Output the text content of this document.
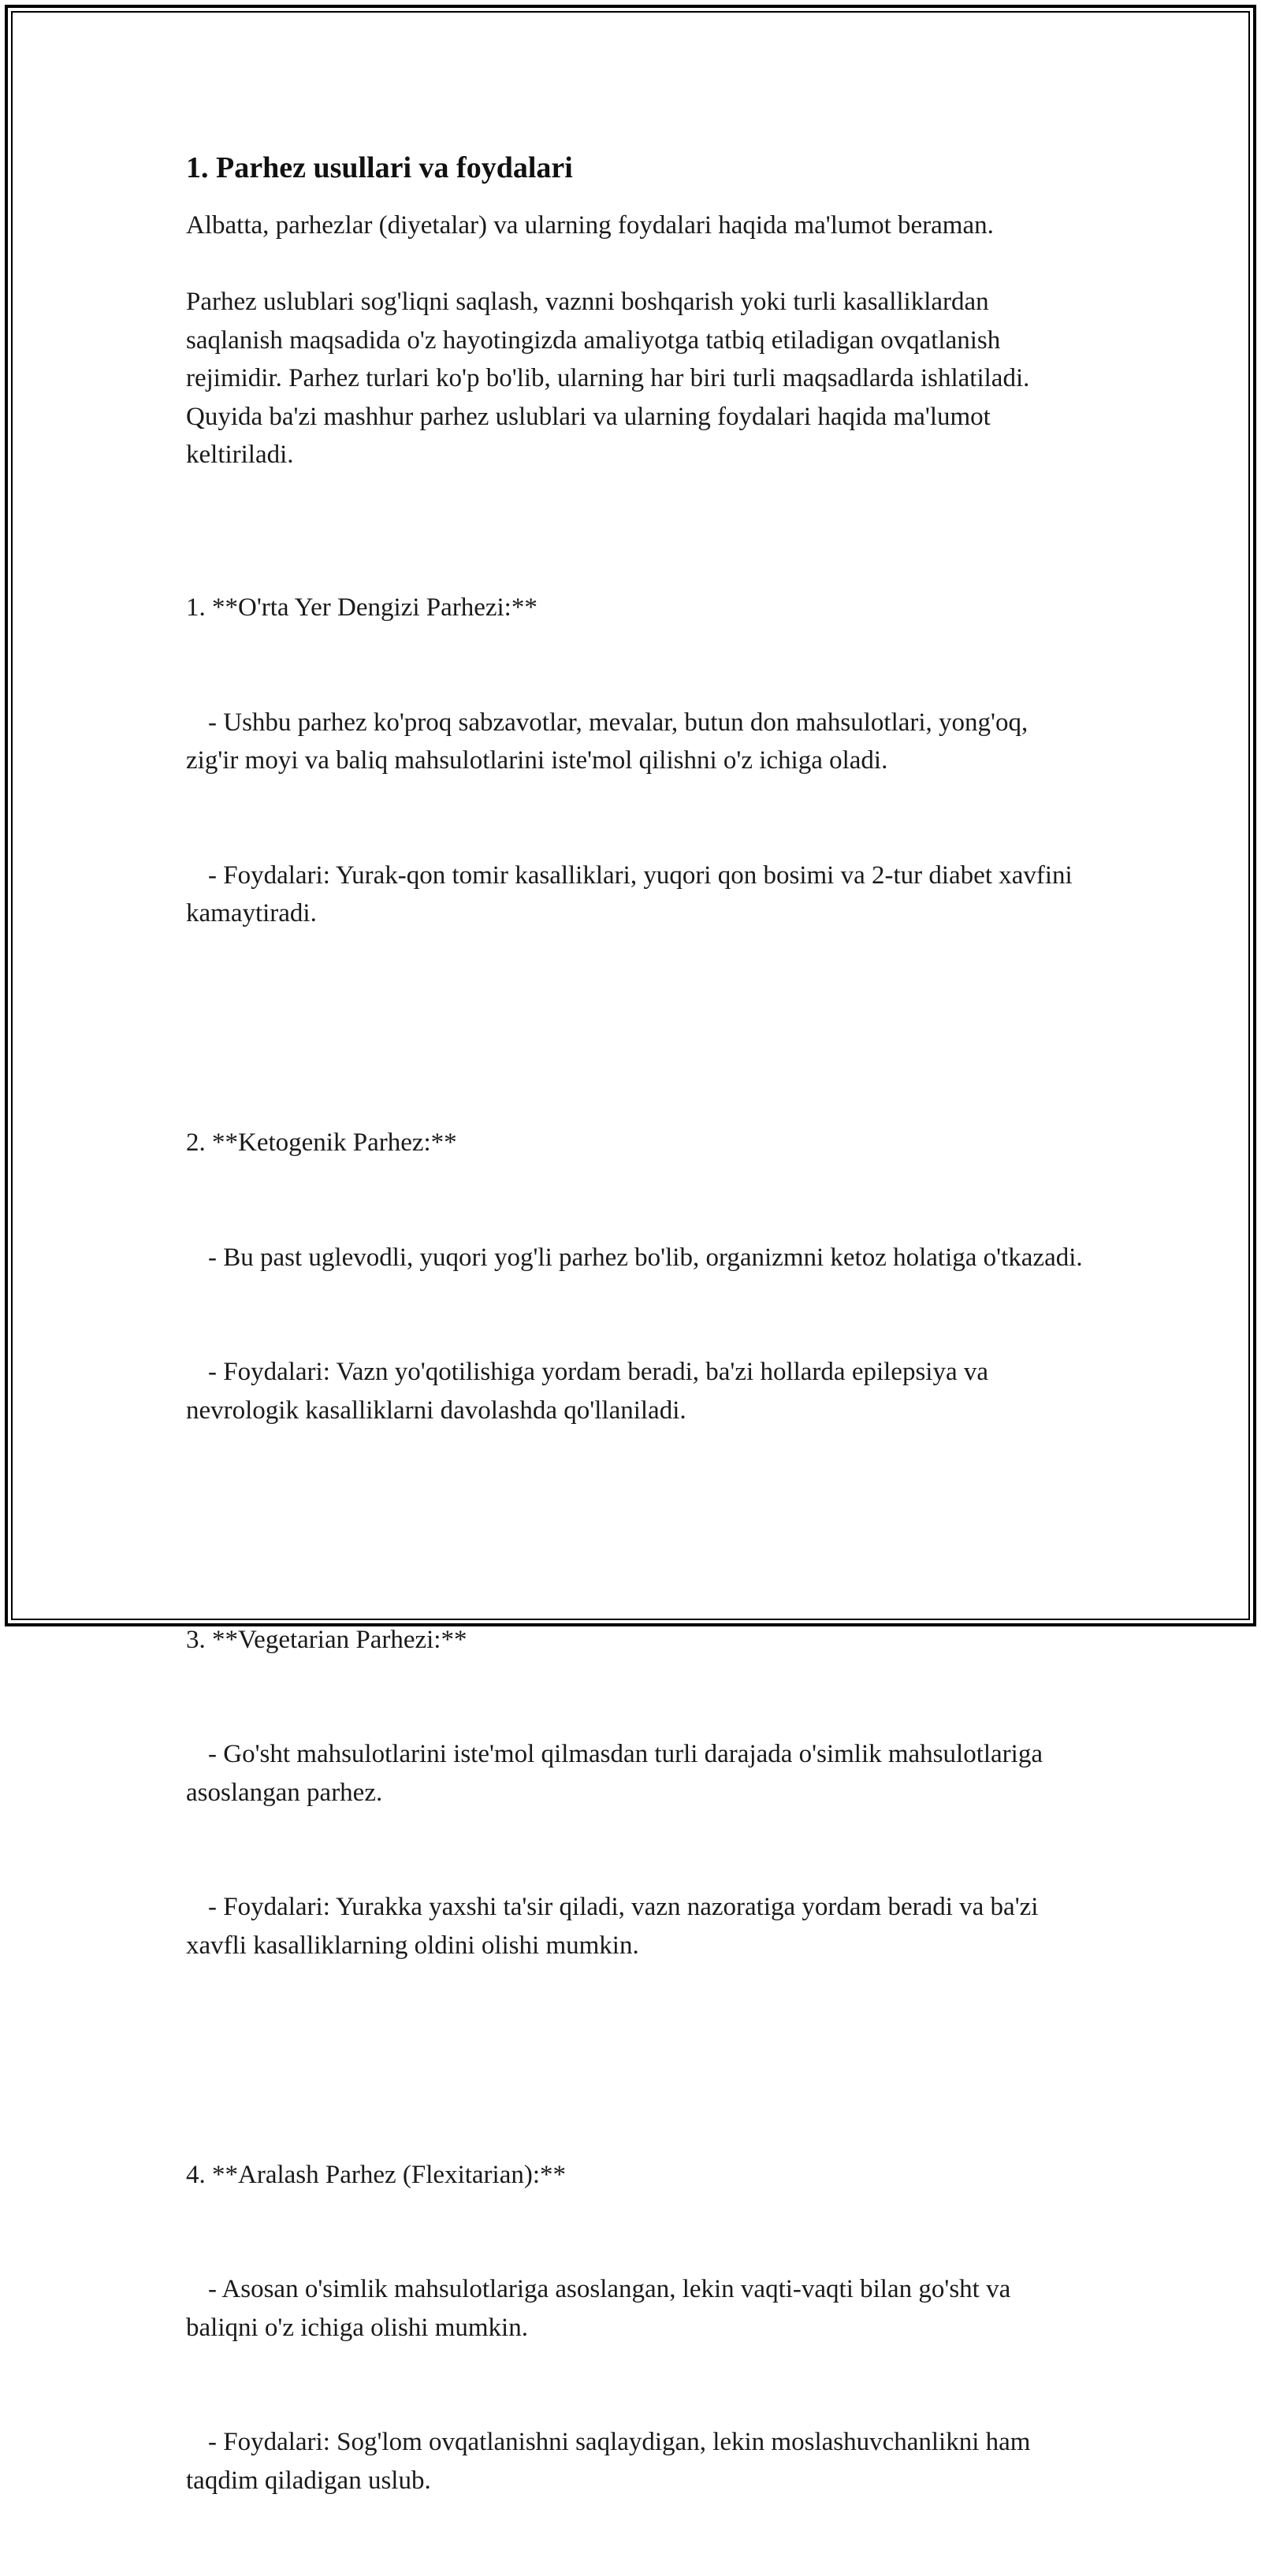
1. Parhez usullari va foydalari

Albatta, parhezlar (diyetalar) va ularning foydalari haqida ma'lumot beraman.

Parhez uslublari sog'liqni saqlash, vaznni boshqarish yoki turli kasalliklardan saqlanish maqsadida o'z hayotingizda amaliyotga tatbiq etiladigan ovqatlanish rejimidir. Parhez turlari ko'p bo'lib, ularning har biri turli maqsadlarda ishlatiladi. Quyida ba'zi mashhur parhez uslublari va ularning foydalari haqida ma'lumot keltiriladi.

1. **O'rta Yer Dengizi Parhezi:**

- Ushbu parhez ko'proq sabzavotlar, mevalar, butun don mahsulotlari, yong'oq, zig'ir moyi va baliq mahsulotlarini iste'mol qilishni o'z ichiga oladi.

- Foydalari: Yurak-qon tomir kasalliklari, yuqori qon bosimi va 2-tur diabet xavfini kamaytiradi.

2. **Ketogenik Parhez:**

- Bu past uglevodli, yuqori yog'li parhez bo'lib, organizmni ketoz holatiga o'tkazadi.

- Foydalari: Vazn yo'qotilishiga yordam beradi, ba'zi hollarda epilepsiya va nevrologik kasalliklarni davolashda qo'llaniladi.

3. **Vegetarian Parhezi:**

- Go'sht mahsulotlarini iste'mol qilmasdan turli darajada o'simlik mahsulotlariga asoslangan parhez.

- Foydalari: Yurakka yaxshi ta'sir qiladi, vazn nazoratiga yordam beradi va ba'zi xavfli kasalliklarning oldini olishi mumkin.

4. **Aralash Parhez (Flexitarian):**

- Asosan o'simlik mahsulotlariga asoslangan, lekin vaqti-vaqti bilan go'sht va baliqni o'z ichiga olishi mumkin.

- Foydalari: Sog'lom ovqatlanishni saqlaydigan, lekin moslashuvchanlikni ham taqdim qiladigan uslub.
